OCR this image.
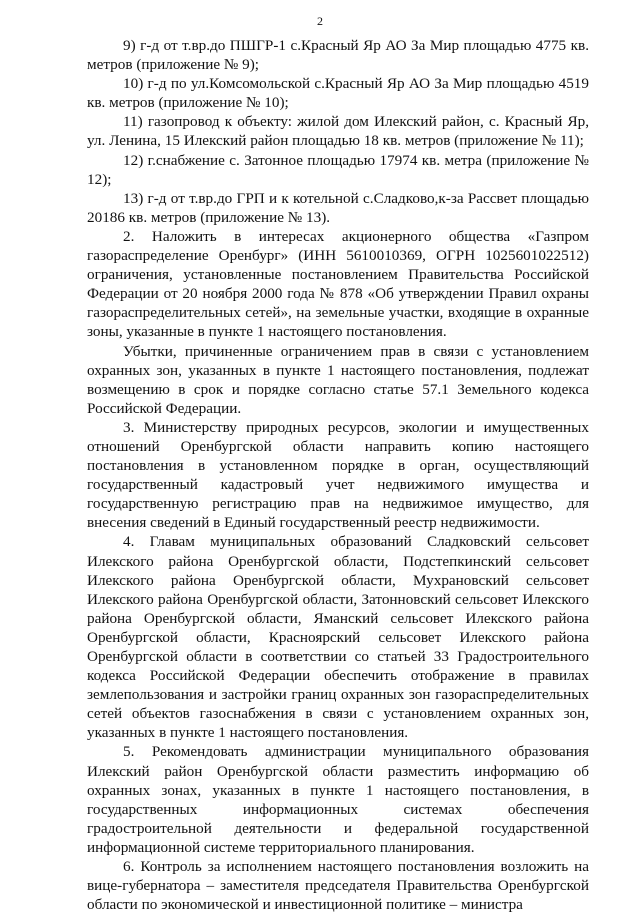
2

9) г-д от т.вр.до ПШГР-1 с.Красный Яр АО За Мир площадью 4775 кв. метров (приложение № 9);

10) г-д по ул.Комсомольской с.Красный Яр АО За Мир площадью 4519 кв. метров (приложение № 10);

11) газопровод к объекту: жилой дом Илекский район, с. Красный Яр, ул. Ленина, 15 Илекский район площадью 18 кв. метров (приложение № 11);

12) г.снабжение с. Затонное площадью 17974 кв. метра (приложение № 12);

13) г-д от т.вр.до ГРП и к котельной с.Сладково,к-за Рассвет площадью 20186 кв. метров (приложение № 13).

2. Наложить в интересах акционерного общества «Газпром газораспределение Оренбург» (ИНН 5610010369, ОГРН 1025601022512) ограничения, установленные постановлением Правительства Российской Федерации от 20 ноября 2000 года № 878 «Об утверждении Правил охраны газораспределительных сетей», на земельные участки, входящие в охранные зоны, указанные в пункте 1 настоящего постановления.

Убытки, причиненные ограничением прав в связи с установлением охранных зон, указанных в пункте 1 настоящего постановления, подлежат возмещению в срок и порядке согласно статье 57.1 Земельного кодекса Российской Федерации.

3. Министерству природных ресурсов, экологии и имущественных отношений Оренбургской области направить копию настоящего постановления в установленном порядке в орган, осуществляющий государственный кадастровый учет недвижимого имущества и государственную регистрацию прав на недвижимое имущество, для внесения сведений в Единый государственный реестр недвижимости.

4. Главам муниципальных образований Сладковский сельсовет Илекского района Оренбургской области, Подстепкинский сельсовет Илекского района Оренбургской области, Мухрановский сельсовет Илекского района Оренбургской области, Затонновский сельсовет Илекского района Оренбургской области, Яманский сельсовет Илекского района Оренбургской области, Красноярский сельсовет Илекского района Оренбургской области в соответствии со статьей 33 Градостроительного кодекса Российской Федерации обеспечить отображение в правилах землепользования и застройки границ охранных зон газораспределительных сетей объектов газоснабжения в связи с установлением охранных зон, указанных в пункте 1 настоящего постановления.

5. Рекомендовать администрации муниципального образования Илекский район Оренбургской области разместить информацию об охранных зонах, указанных в пункте 1 настоящего постановления, в государственных информационных системах обеспечения градостроительной деятельности и федеральной государственной информационной системе территориального планирования.

6. Контроль за исполнением настоящего постановления возложить на вице-губернатора – заместителя председателя Правительства Оренбургской области по экономической и инвестиционной политике – министра
